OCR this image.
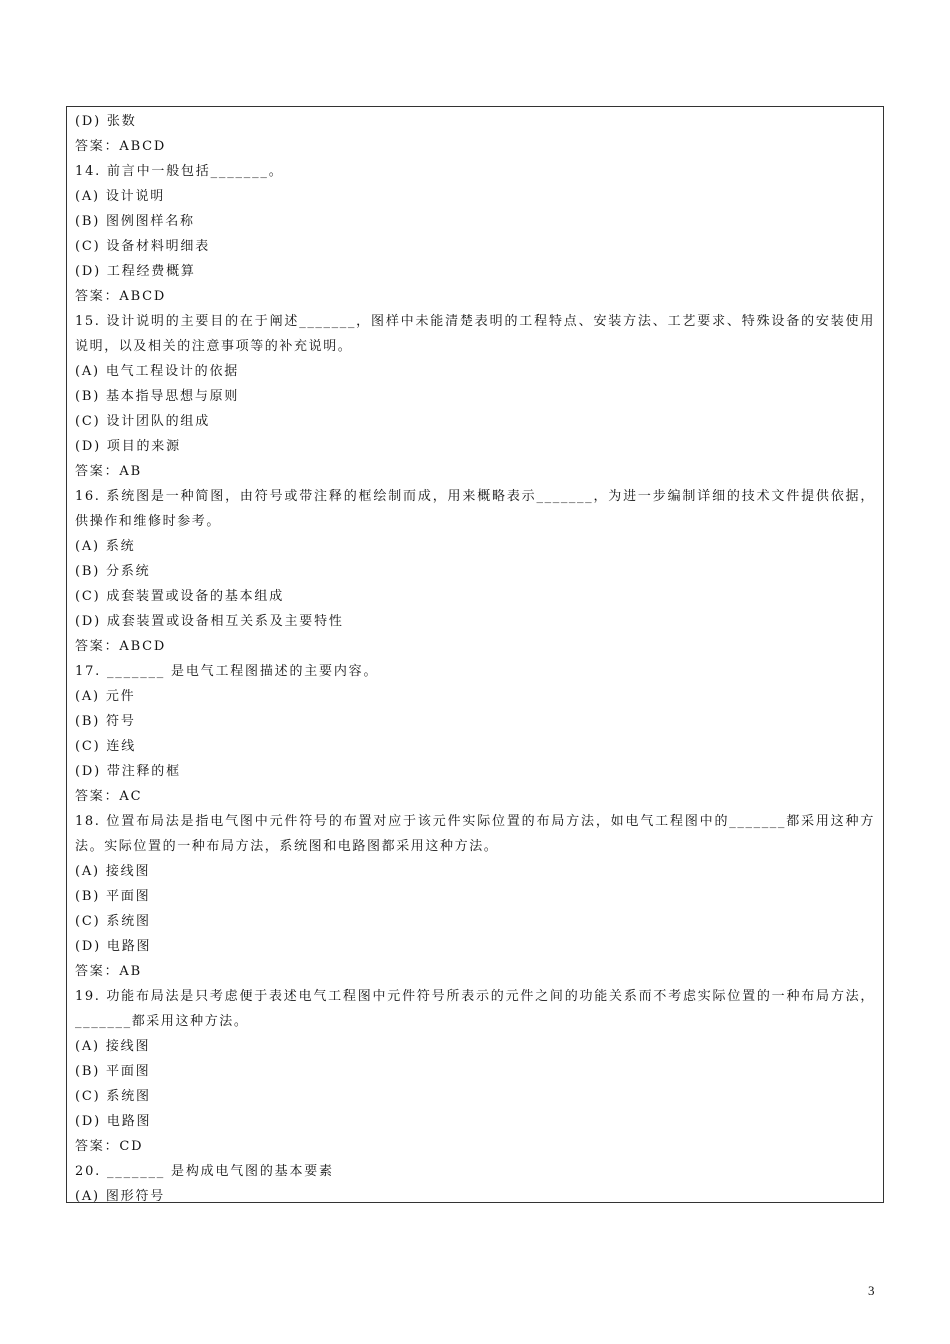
(D) 张数
答案：ABCD
14. 前言中一般包括_______。
(A) 设计说明
(B) 图例图样名称
(C) 设备材料明细表
(D) 工程经费概算
答案：ABCD
15. 设计说明的主要目的在于阐述_______，图样中未能清楚表明的工程特点、安装方法、工艺要求、特殊设备的安装使用说明，以及相关的注意事项等的补充说明。
(A) 电气工程设计的依据
(B) 基本指导思想与原则
(C) 设计团队的组成
(D) 项目的来源
答案：AB
16. 系统图是一种简图，由符号或带注释的框绘制而成，用来概略表示_______，为进一步编制详细的技术文件提供依据，供操作和维修时参考。
(A) 系统
(B) 分系统
(C) 成套装置或设备的基本组成
(D) 成套装置或设备相互关系及主要特性
答案：ABCD
17. _______ 是电气工程图描述的主要内容。
(A) 元件
(B) 符号
(C) 连线
(D) 带注释的框
答案：AC
18. 位置布局法是指电气图中元件符号的布置对应于该元件实际位置的布局方法，如电气工程图中的_______都采用这种方法。实际位置的一种布局方法，系统图和电路图都采用这种方法。
(A) 接线图
(B) 平面图
(C) 系统图
(D) 电路图
答案：AB
19. 功能布局法是只考虑便于表述电气工程图中元件符号所表示的元件之间的功能关系而不考虑实际位置的一种布局方法，_______都采用这种方法。
(A) 接线图
(B) 平面图
(C) 系统图
(D) 电路图
答案：CD
20. _______ 是构成电气图的基本要素
(A) 图形符号
3
